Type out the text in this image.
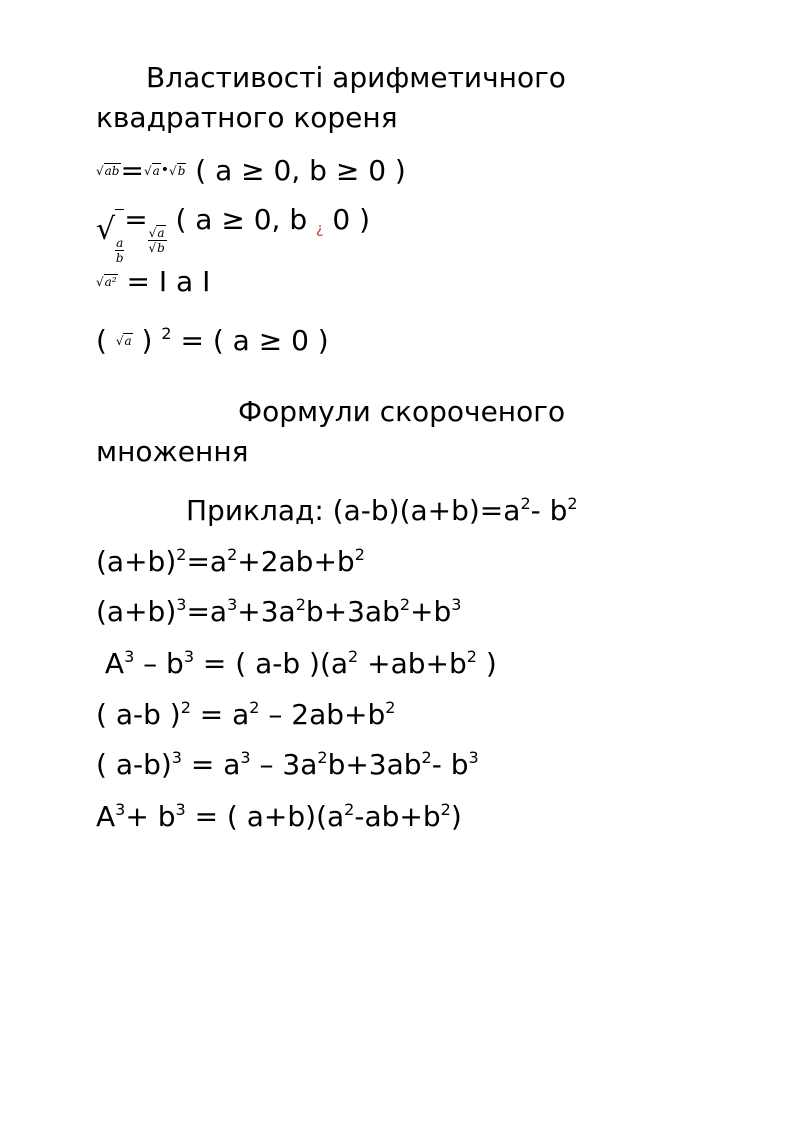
Властивості арифметичного
квадратного кореня
√ab=√a•√b ( a ≥ 0, b ≥ 0 )
√
$\frac{a}{b}$
=
$\frac{√a}{√b}$
( a ≥ 0, b ¿ 0 )
√a² = I a I
( √a ) $^2$ = ( a ≥ 0 )
Формули скороченого
множення
Приклад: $(a-b)(a+b)=a^2-$ $b^2$
$(a+b)^2=a^2+2ab+b^2$
$(a+b)^3=a^3+3a^2b+3ab^2+b^3$
$A^3 - b^3$ = ( a-b )($a^2 +ab+b^2$ )
( a-b )$^2 = a^2 - 2ab+b^2$
( $a-b)^3 = a^3 - 3a^2b+3ab^2-$ $b^3$
$A^3+ b^3$ = ( $a+b)(a^2-ab+b^2)$
